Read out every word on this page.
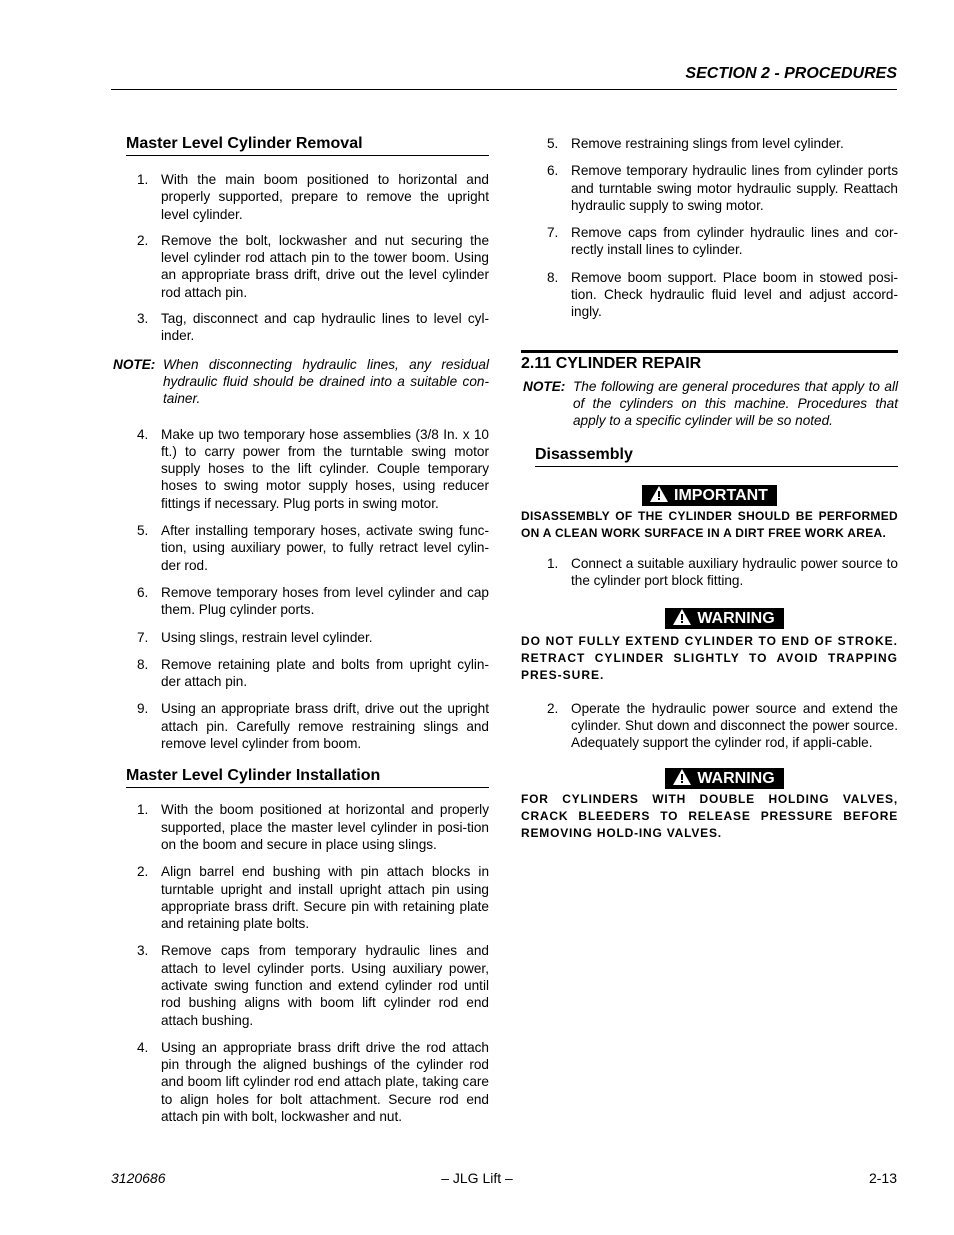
SECTION 2 - PROCEDURES
Master Level Cylinder Removal
1. With the main boom positioned to horizontal and properly supported, prepare to remove the upright level cylinder.
2. Remove the bolt, lockwasher and nut securing the level cylinder rod attach pin to the tower boom. Using an appropriate brass drift, drive out the level cylinder rod attach pin.
3. Tag, disconnect and cap hydraulic lines to level cyl-inder.
NOTE: When disconnecting hydraulic lines, any residual hydraulic fluid should be drained into a suitable con-tainer.
4. Make up two temporary hose assemblies (3/8 In. x 10 ft.) to carry power from the turntable swing motor supply hoses to the lift cylinder. Couple temporary hoses to swing motor supply hoses, using reducer fittings if necessary. Plug ports in swing motor.
5. After installing temporary hoses, activate swing func-tion, using auxiliary power, to fully retract level cylin-der rod.
6. Remove temporary hoses from level cylinder and cap them. Plug cylinder ports.
7. Using slings, restrain level cylinder.
8. Remove retaining plate and bolts from upright cylin-der attach pin.
9. Using an appropriate brass drift, drive out the upright attach pin. Carefully remove restraining slings and remove level cylinder from boom.
Master Level Cylinder Installation
1. With the boom positioned at horizontal and properly supported, place the master level cylinder in posi-tion on the boom and secure in place using slings.
2. Align barrel end bushing with pin attach blocks in turntable upright and install upright attach pin using appropriate brass drift. Secure pin with retaining plate and retaining plate bolts.
3. Remove caps from temporary hydraulic lines and attach to level cylinder ports. Using auxiliary power, activate swing function and extend cylinder rod until rod bushing aligns with boom lift cylinder rod end attach bushing.
4. Using an appropriate brass drift drive the rod attach pin through the aligned bushings of the cylinder rod and boom lift cylinder rod end attach plate, taking care to align holes for bolt attachment. Secure rod end attach pin with bolt, lockwasher and nut.
5. Remove restraining slings from level cylinder.
6. Remove temporary hydraulic lines from cylinder ports and turntable swing motor hydraulic supply. Reattach hydraulic supply to swing motor.
7. Remove caps from cylinder hydraulic lines and cor-rectly install lines to cylinder.
8. Remove boom support. Place boom in stowed posi-tion. Check hydraulic fluid level and adjust accord-ingly.
2.11 CYLINDER REPAIR
NOTE: The following are general procedures that apply to all of the cylinders on this machine. Procedures that apply to a specific cylinder will be so noted.
Disassembly
IMPORTANT
DISASSEMBLY OF THE CYLINDER SHOULD BE PERFORMED ON A CLEAN WORK SURFACE IN A DIRT FREE WORK AREA.
1. Connect a suitable auxiliary hydraulic power source to the cylinder port block fitting.
WARNING
DO NOT FULLY EXTEND CYLINDER TO END OF STROKE. RETRACT CYLINDER SLIGHTLY TO AVOID TRAPPING PRES-SURE.
2. Operate the hydraulic power source and extend the cylinder. Shut down and disconnect the power source. Adequately support the cylinder rod, if appli-cable.
WARNING
FOR CYLINDERS WITH DOUBLE HOLDING VALVES, CRACK BLEEDERS TO RELEASE PRESSURE BEFORE REMOVING HOLD-ING VALVES.
3120686	– JLG Lift –	2-13
